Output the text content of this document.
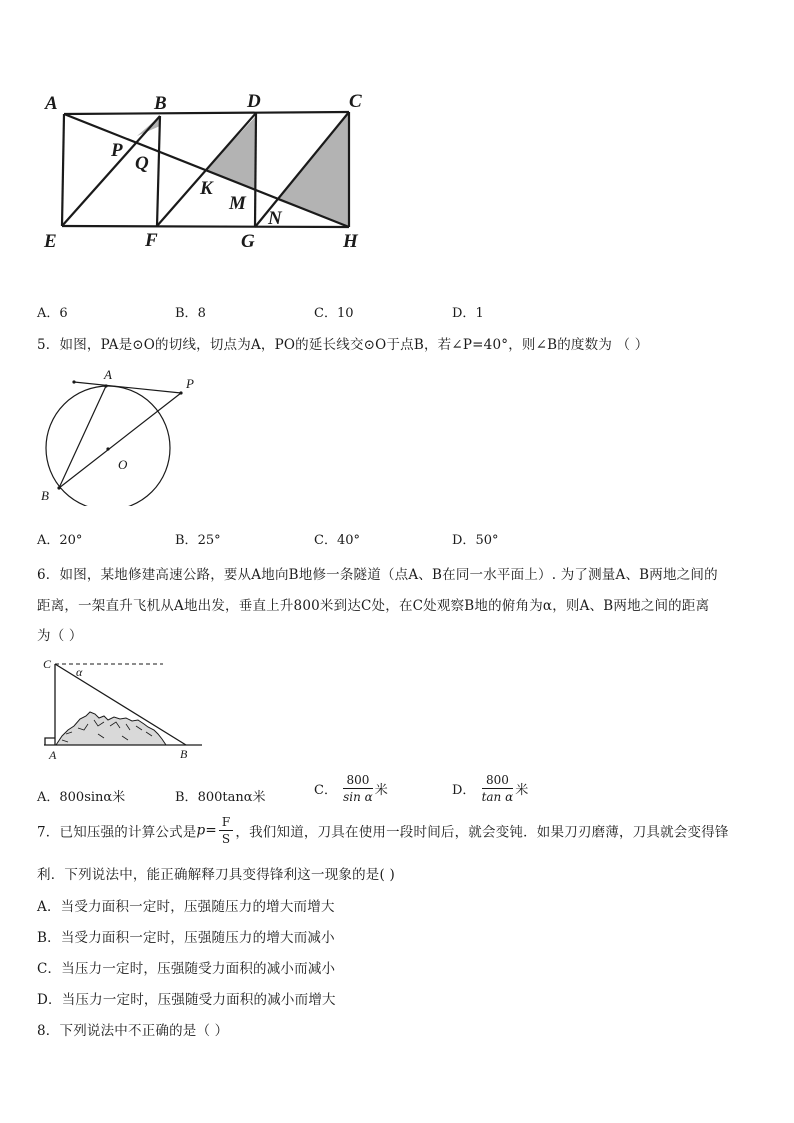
A	B	D	C
P
Q
K
M
N
E	F	G	H
A．6	B．8	C．10	D．1
5．如图，PA是⊙O的切线，切点为A，PO的延长线交⊙O于点B，若∠P=40°，则∠B的度数为 （ ）
A
P
O
B
A．20°	B．25°	C．40°	D．50°
6．如图，某地修建高速公路，要从A地向B地修一条隧道（点A、B在同一水平面上）. 为了测量A、B两地之间的
距离，一架直升飞机从A地出发，垂直上升800米到达C处，在C处观察B地的俯角为α，则A、B两地之间的距离
为（ ）
C
α
A	B
A．800sinα米	B．800tanα米	C． $\frac{800}{\text{sin α}}$ 米	D． $\frac{800}{\text{tan α}}$ 米
7．已知压强的计算公式是$p= \frac{F}{S}$ ，我们知道，刀具在使用一段时间后，就会变钝．如果刀刃磨薄，刀具就会变得锋
利．下列说法中，能正确解释刀具变得锋利这一现象的是( )
A．当受力面积一定时，压强随压力的增大而增大
B．当受力面积一定时，压强随压力的增大而减小
C．当压力一定时，压强随受力面积的减小而减小
D．当压力一定时，压强随受力面积的减小而增大
8．下列说法中不正确的是（ ）
